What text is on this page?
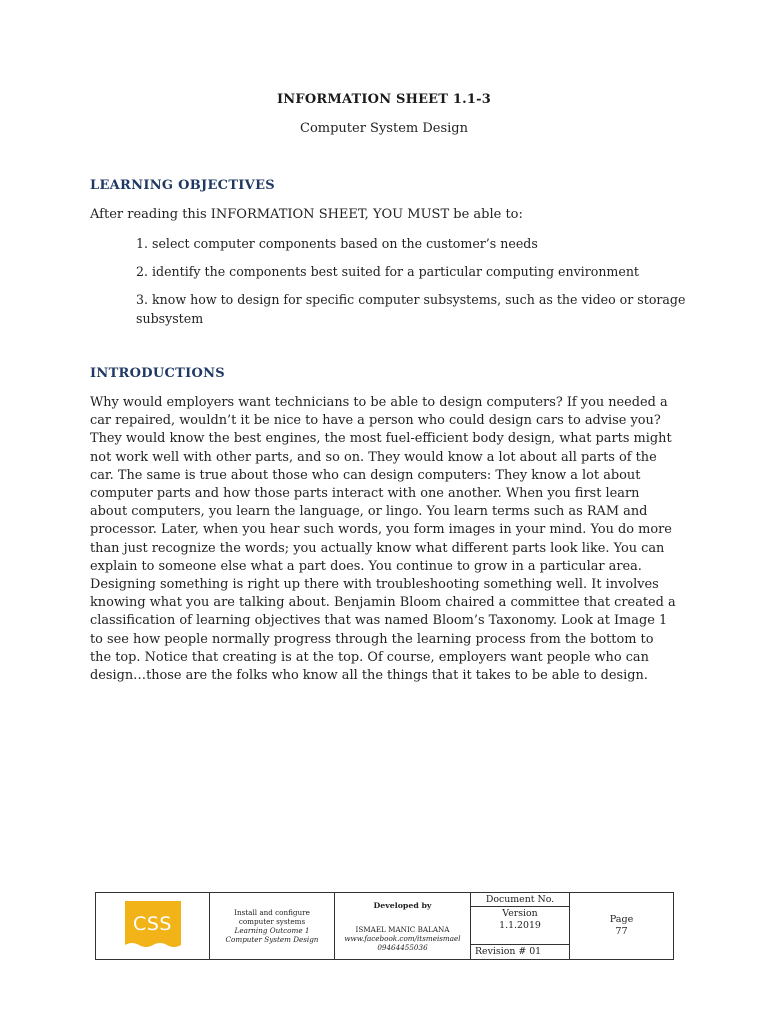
INFORMATION SHEET 1.1-3
Computer System Design
LEARNING OBJECTIVES
After reading this INFORMATION SHEET, YOU MUST be able to:
1. select computer components based on the customer’s needs
2. identify the components best suited for a particular computing environment
3. know how to design for specific computer subsystems, such as the video or storage subsystem
INTRODUCTIONS

Why would employers want technicians to be able to design computers? If you needed a car repaired, wouldn’t it be nice to have a person who could design cars to advise you? They would know the best engines, the most fuel-efficient body design, what parts might not work well with other parts, and so on. They would know a lot about all parts of the car. The same is true about those who can design computers: They know a lot about computer parts and how those parts interact with one another. When you first learn about computers, you learn the language, or lingo. You learn terms such as RAM and processor. Later, when you hear such words, you form images in your mind. You do more than just recognize the words; you actually know what different parts look like. You can explain to someone else what a part does. You continue to grow in a particular area. Designing something is right up there with troubleshooting something well. It involves knowing what you are talking about. Benjamin Bloom chaired a committee that created a classification of learning objectives that was named Bloom’s Taxonomy. Look at Image 1 to see how people normally progress through the learning process from the bottom to the top. Notice that creating is at the top. Of course, employers want people who can design…those are the folks who know all the things that it takes to be able to design.

CSS
Install and configure
computer systems
Learning Outcome 1
Computer System Design
Developed by
ISMAEL MANIC BALANA
www.facebook.com/itsmeismael
09464455036
Document No.
Version
1.1.2019
Revision # 01
Page
77
